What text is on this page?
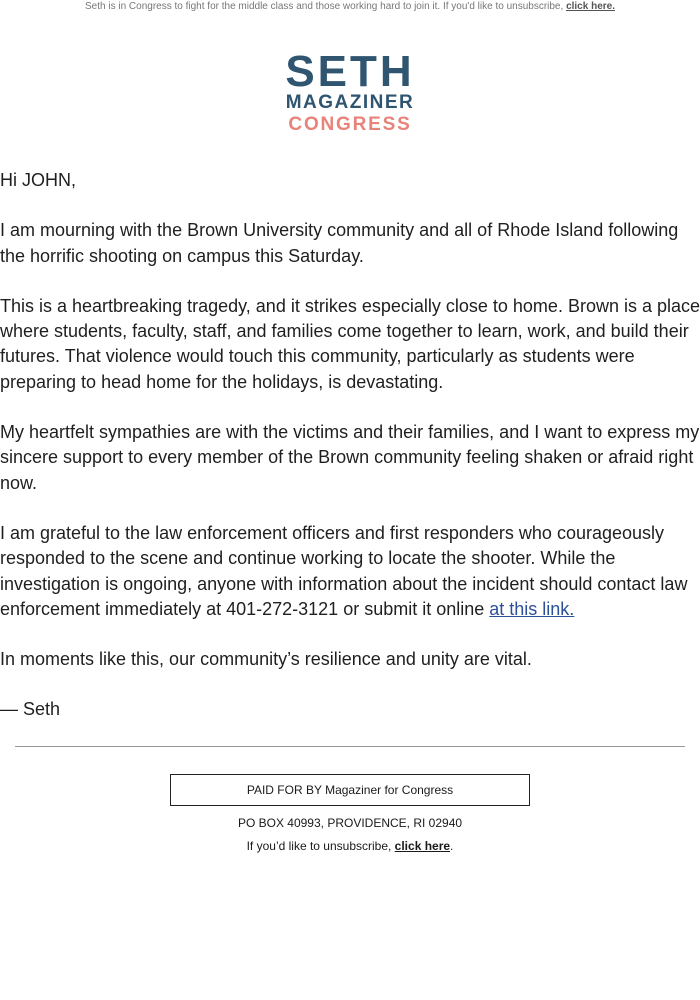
Seth is in Congress to fight for the middle class and those working hard to join it. If you'd like to unsubscribe, click here.
SETH
MAGAZINER
CONGRESS

Hi JOHN,

I am mourning with the Brown University community and all of Rhode Island following the horrific shooting on campus this Saturday.

This is a heartbreaking tragedy, and it strikes especially close to home. Brown is a place where students, faculty, staff, and families come together to learn, work, and build their futures. That violence would touch this community, particularly as students were preparing to head home for the holidays, is devastating.

My heartfelt sympathies are with the victims and their families, and I want to express my sincere support to every member of the Brown community feeling shaken or afraid right now.

I am grateful to the law enforcement officers and first responders who courageously responded to the scene and continue working to locate the shooter. While the investigation is ongoing, anyone with information about the incident should contact law enforcement immediately at 401-272-3121 or submit it online at this link.

In moments like this, our community’s resilience and unity are vital.

— Seth

PAID FOR BY Magaziner for Congress
PO BOX 40993, PROVIDENCE, RI 02940
If you’d like to unsubscribe, click here.
